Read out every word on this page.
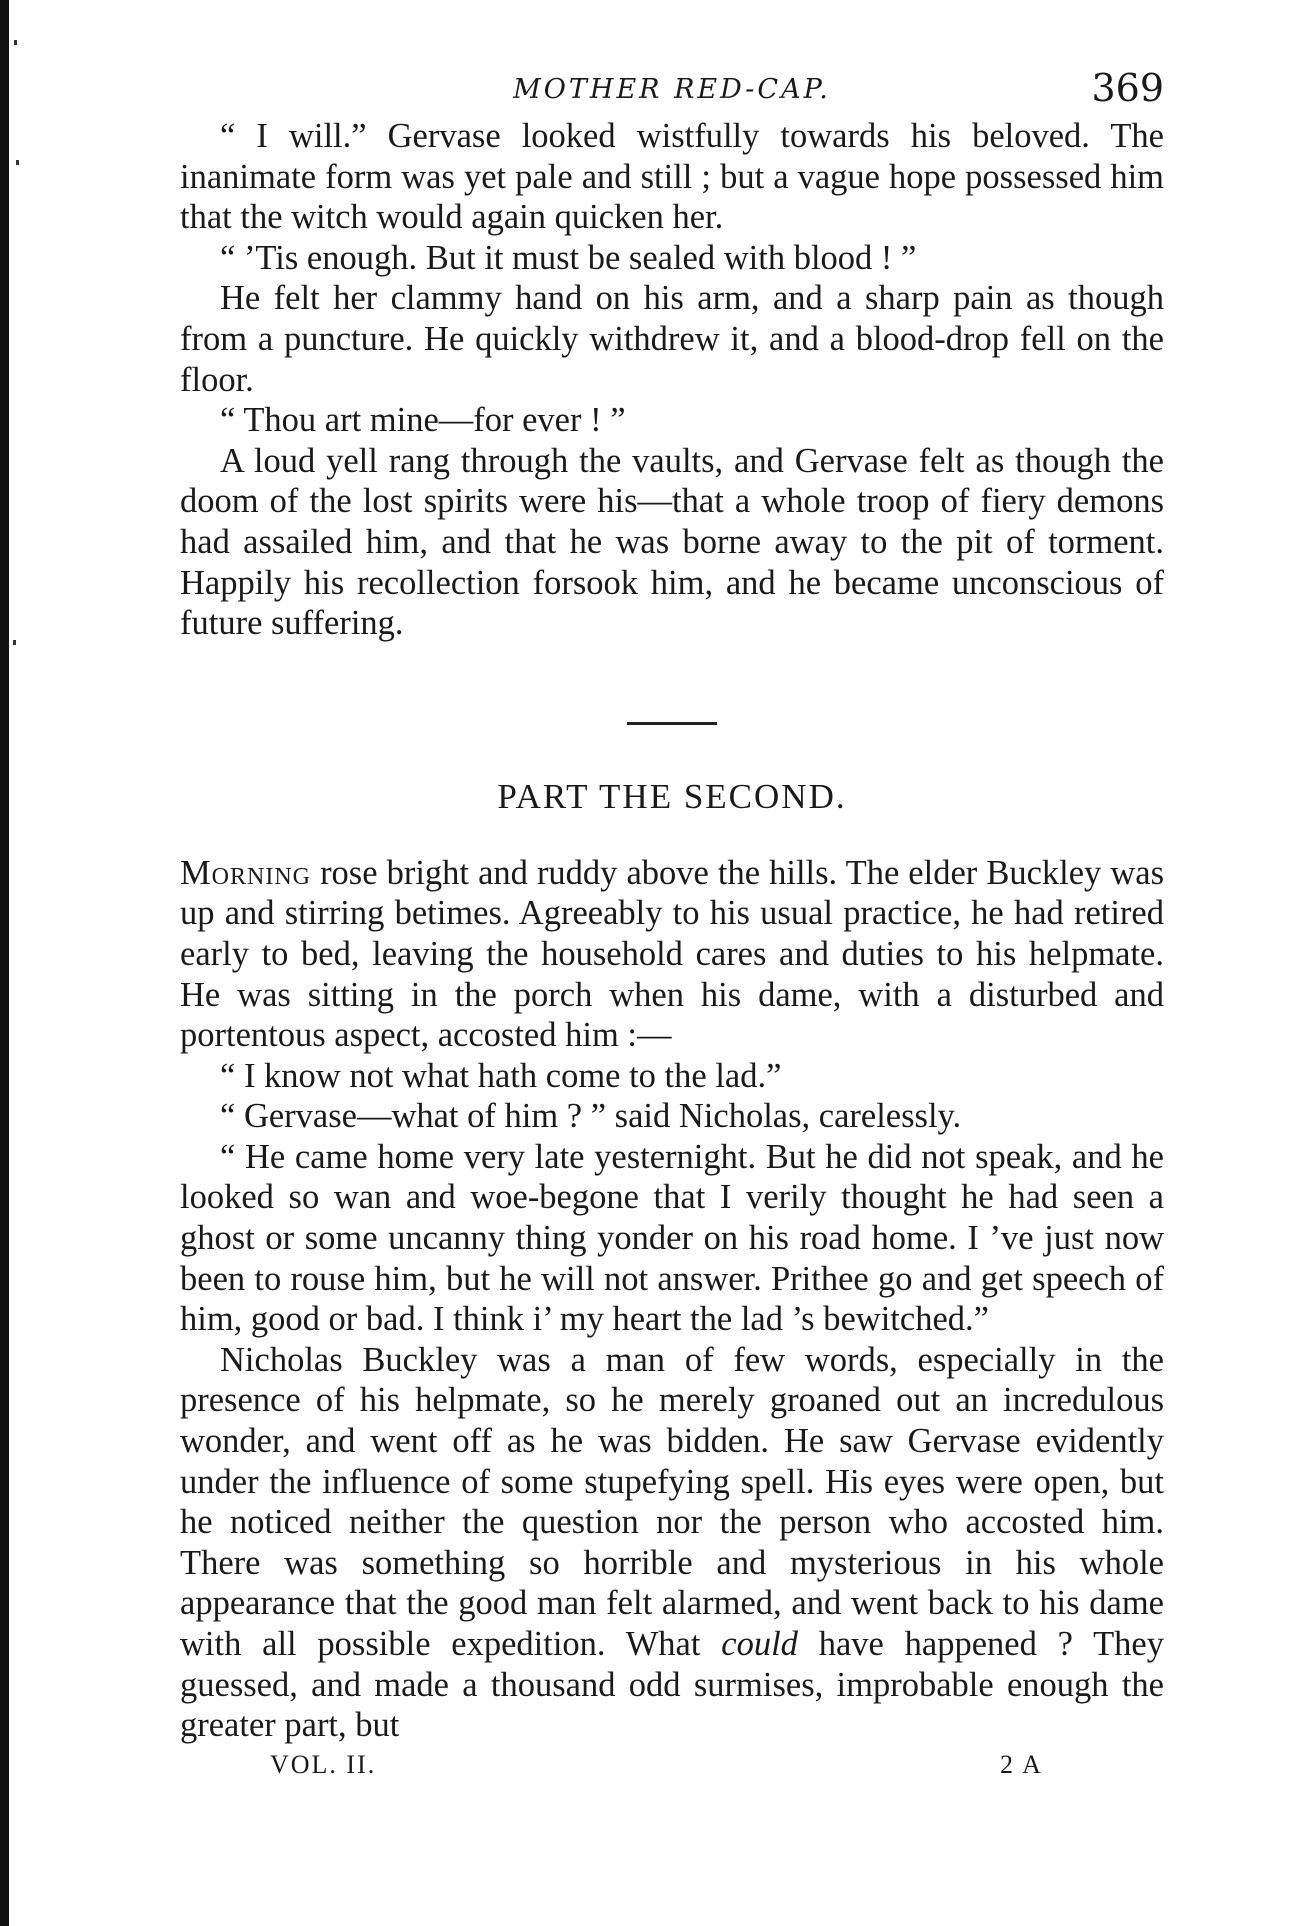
MOTHER RED-CAP.	369

“ I will.” Gervase looked wistfully towards his beloved. The inanimate form was yet pale and still ; but a vague hope possessed him that the witch would again quicken her.

“ ’Tis enough. But it must be sealed with blood ! ”

He felt her clammy hand on his arm, and a sharp pain as though from a puncture. He quickly withdrew it, and a blood-drop fell on the floor.

“ Thou art mine—for ever ! ”

A loud yell rang through the vaults, and Gervase felt as though the doom of the lost spirits were his—that a whole troop of fiery demons had assailed him, and that he was borne away to the pit of torment. Happily his recollection forsook him, and he became unconscious of future suffering.

PART THE SECOND.

Morning rose bright and ruddy above the hills. The elder Buckley was up and stirring betimes. Agreeably to his usual practice, he had retired early to bed, leaving the household cares and duties to his helpmate. He was sitting in the porch when his dame, with a disturbed and portentous aspect, accosted him :—

“ I know not what hath come to the lad.”

“ Gervase—what of him ? ” said Nicholas, carelessly.

“ He came home very late yesternight. But he did not speak, and he looked so wan and woe-begone that I verily thought he had seen a ghost or some uncanny thing yonder on his road home. I ’ve just now been to rouse him, but he will not answer. Prithee go and get speech of him, good or bad. I think i’ my heart the lad ’s bewitched.”

Nicholas Buckley was a man of few words, especially in the presence of his helpmate, so he merely groaned out an incredulous wonder, and went off as he was bidden. He saw Gervase evidently under the influence of some stupefying spell. His eyes were open, but he noticed neither the question nor the person who accosted him. There was something so horrible and mysterious in his whole appearance that the good man felt alarmed, and went back to his dame with all possible expedition. What could have happened ? They guessed, and made a thousand odd surmises, improbable enough the greater part, but

VOL. II.	2 A
